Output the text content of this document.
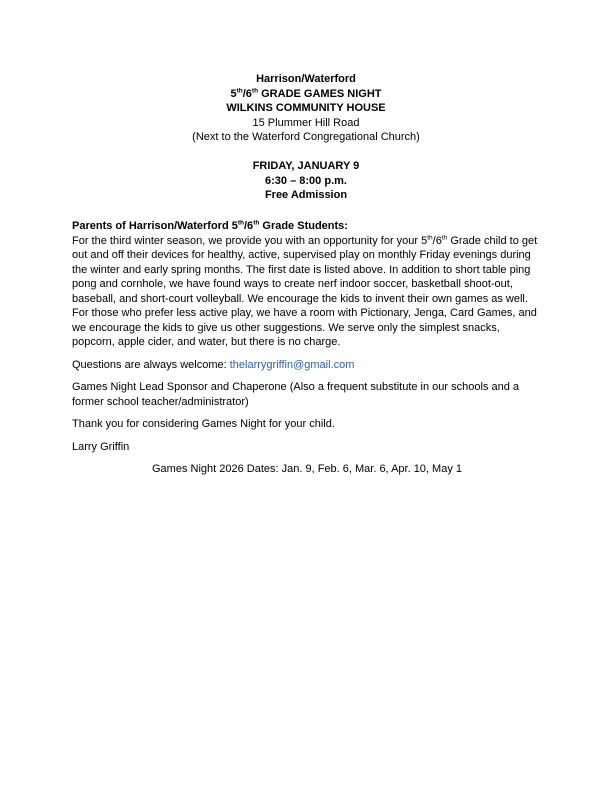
Harrison/Waterford
5th/6th GRADE GAMES NIGHT
WILKINS COMMUNITY HOUSE
15 Plummer Hill Road
(Next to the Waterford Congregational Church)
FRIDAY, JANUARY 9
6:30 – 8:00 p.m.
Free Admission
Parents of Harrison/Waterford 5th/6th Grade Students:
For the third winter season, we provide you with an opportunity for your 5th/6th Grade child to get out and off their devices for healthy, active, supervised play on monthly Friday evenings during the winter and early spring months. The first date is listed above. In addition to short table ping pong and cornhole, we have found ways to create nerf indoor soccer, basketball shoot-out, baseball, and short-court volleyball. We encourage the kids to invent their own games as well. For those who prefer less active play, we have a room with Pictionary, Jenga, Card Games, and we encourage the kids to give us other suggestions. We serve only the simplest snacks, popcorn, apple cider, and water, but there is no charge.
Questions are always welcome: thelarrygriffin@gmail.com
Games Night Lead Sponsor and Chaperone (Also a frequent substitute in our schools and a former school teacher/administrator)
Thank you for considering Games Night for your child.
Larry Griffin
Games Night 2026 Dates: Jan. 9, Feb. 6, Mar. 6, Apr. 10, May 1
